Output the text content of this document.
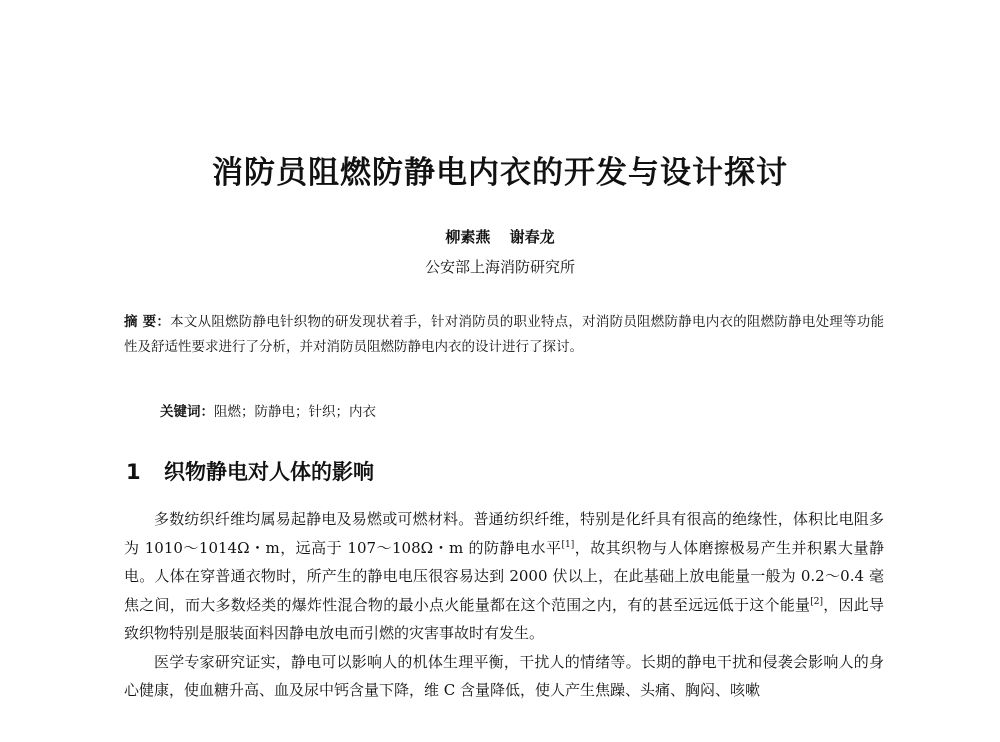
消防员阻燃防静电内衣的开发与设计探讨
柳素燕 谢春龙
公安部上海消防研究所
摘 要：本文从阻燃防静电针织物的研发现状着手，针对消防员的职业特点，对消防员阻燃防静电内衣的阻燃防静电处理等功能性及舒适性要求进行了分析，并对消防员阻燃防静电内衣的设计进行了探讨。
关键词：阻燃；防静电；针织；内衣
1 织物静电对人体的影响

多数纺织纤维均属易起静电及易燃或可燃材料。普通纺织纤维，特别是化纤具有很高的绝缘性，体积比电阻多为 1010～1014Ω・m，远高于 107～108Ω・m 的防静电水平[1]，故其织物与人体磨擦极易产生并积累大量静电。人体在穿普通衣物时，所产生的静电电压很容易达到 2000 伏以上，在此基础上放电能量一般为 0.2～0.4 毫焦之间，而大多数烃类的爆炸性混合物的最小点火能量都在这个范围之内，有的甚至远远低于这个能量[2]，因此导致织物特别是服装面料因静电放电而引燃的灾害事故时有发生。

医学专家研究证实，静电可以影响人的机体生理平衡，干扰人的情绪等。长期的静电干扰和侵袭会影响人的身心健康，使血糖升高、血及尿中钙含量下降，维 C 含量降低，使人产生焦躁、头痛、胸闷、咳嗽
